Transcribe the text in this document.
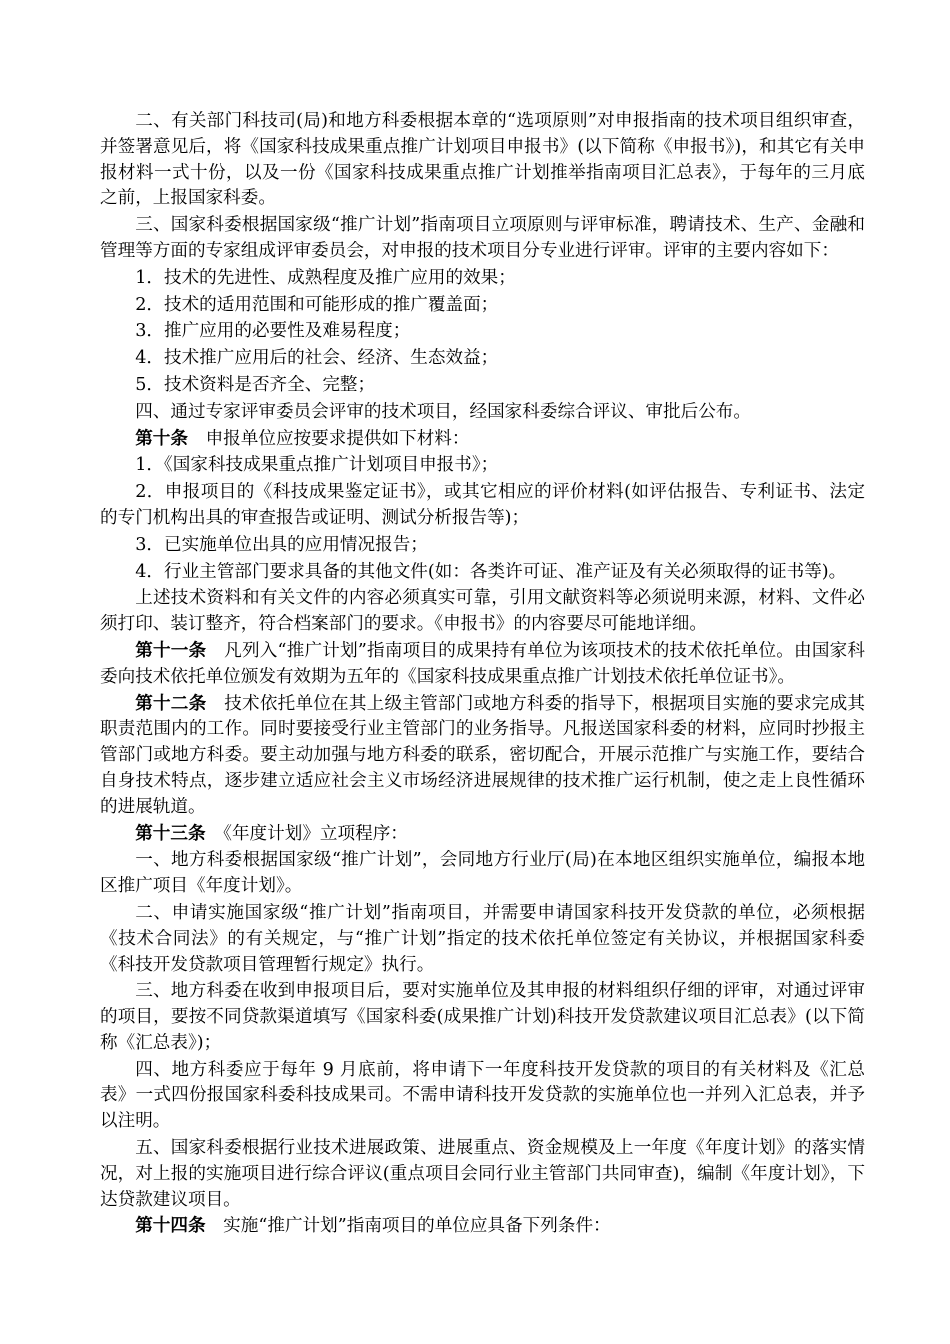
二、有关部门科技司(局)和地方科委根据本章的“选项原则”对申报指南的技术项目组织审查，并签署意见后，将《国家科技成果重点推广计划项目申报书》(以下简称《申报书》)，和其它有关申报材料一式十份，以及一份《国家科技成果重点推广计划推举指南项目汇总表》，于每年的三月底之前，上报国家科委。

三、国家科委根据国家级“推广计划”指南项目立项原则与评审标准，聘请技术、生产、金融和管理等方面的专家组成评审委员会，对申报的技术项目分专业进行评审。评审的主要内容如下：

1．技术的先进性、成熟程度及推广应用的效果；

2．技术的适用范围和可能形成的推广覆盖面；

3．推广应用的必要性及难易程度；

4．技术推广应用后的社会、经济、生态效益；

5．技术资料是否齐全、完整；

四、通过专家评审委员会评审的技术项目，经国家科委综合评议、审批后公布。

第十条　申报单位应按要求提供如下材料：

1．《国家科技成果重点推广计划项目申报书》；

2．申报项目的《科技成果鉴定证书》，或其它相应的评价材料(如评估报告、专利证书、法定的专门机构出具的审查报告或证明、测试分析报告等)；

3．已实施单位出具的应用情况报告；

4．行业主管部门要求具备的其他文件(如：各类许可证、准产证及有关必须取得的证书等)。

上述技术资料和有关文件的内容必须真实可靠，引用文献资料等必须说明来源，材料、文件必须打印、装订整齐，符合档案部门的要求。《申报书》的内容要尽可能地详细。

第十一条　凡列入“推广计划”指南项目的成果持有单位为该项技术的技术依托单位。由国家科委向技术依托单位颁发有效期为五年的《国家科技成果重点推广计划技术依托单位证书》。

第十二条　技术依托单位在其上级主管部门或地方科委的指导下，根据项目实施的要求完成其职责范围内的工作。同时要接受行业主管部门的业务指导。凡报送国家科委的材料，应同时抄报主管部门或地方科委。要主动加强与地方科委的联系，密切配合，开展示范推广与实施工作，要结合自身技术特点，逐步建立适应社会主义市场经济进展规律的技术推广运行机制，使之走上良性循环的进展轨道。

第十三条　《年度计划》立项程序：

一、地方科委根据国家级“推广计划”，会同地方行业厅(局)在本地区组织实施单位，编报本地区推广项目《年度计划》。

二、申请实施国家级“推广计划”指南项目，并需要申请国家科技开发贷款的单位，必须根据《技术合同法》的有关规定，与“推广计划”指定的技术依托单位签定有关协议，并根据国家科委《科技开发贷款项目管理暂行规定》执行。

三、地方科委在收到申报项目后，要对实施单位及其申报的材料组织仔细的评审，对通过评审的项目，要按不同贷款渠道填写《国家科委(成果推广计划)科技开发贷款建议项目汇总表》(以下简称《汇总表》)；

四、地方科委应于每年 9 月底前，将申请下一年度科技开发贷款的项目的有关材料及《汇总表》一式四份报国家科委科技成果司。不需申请科技开发贷款的实施单位也一并列入汇总表，并予以注明。

五、国家科委根据行业技术进展政策、进展重点、资金规模及上一年度《年度计划》的落实情况，对上报的实施项目进行综合评议(重点项目会同行业主管部门共同审查)，编制《年度计划》，下达贷款建议项目。

第十四条　实施“推广计划”指南项目的单位应具备下列条件：
